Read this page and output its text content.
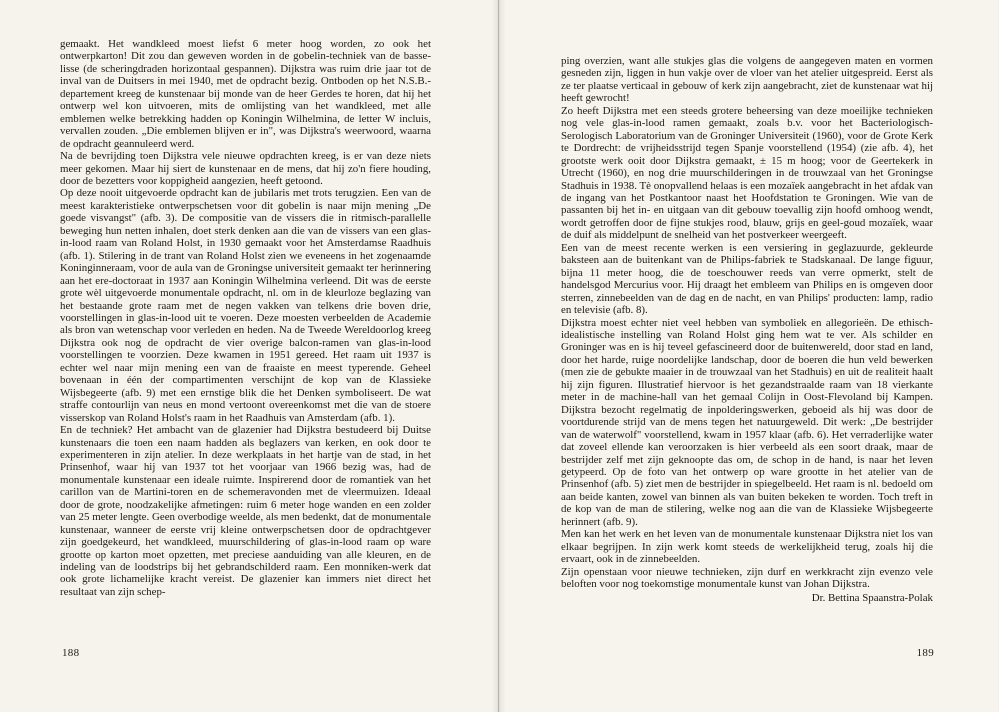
gemaakt. Het wandkleed moest liefst 6 meter hoog worden, zo ook het ontwerpkarton! Dit zou dan geweven worden in de gobelin-techniek van de basse-lisse (de scheringdraden horizontaal gespannen). Dijkstra was ruim drie jaar tot de inval van de Duitsers in mei 1940, met de opdracht bezig. Ontboden op het N.S.B.-departement kreeg de kunstenaar bij monde van de heer Gerdes te horen, dat hij het ontwerp wel kon uitvoeren, mits de omlijsting van het wandkleed, met alle emblemen welke betrekking hadden op Koningin Wilhelmina, de letter W incluis, vervallen zouden. „Die emblemen blijven er in", was Dijkstra's weerwoord, waarna de opdracht geannuleerd werd.

Na de bevrijding toen Dijkstra vele nieuwe opdrachten kreeg, is er van deze niets meer gekomen. Maar hij siert de kunstenaar en de mens, dat hij zo'n fiere houding, door de bezetters voor koppigheid aangezien, heeft getoond.

Op deze nooit uitgevoerde opdracht kan de jubilaris met trots terugzien. Een van de meest karakteristieke ontwerpschetsen voor dit gobelin is naar mijn mening „De goede visvangst" (afb. 3). De compositie van de vissers die in ritmisch-parallelle beweging hun netten inhalen, doet sterk denken aan die van de vissers van een glas-in-lood raam van Roland Holst, in 1930 gemaakt voor het Amsterdamse Raadhuis (afb. 1). Stilering in de trant van Roland Holst zien we eveneens in het zogenaamde Koninginneraam, voor de aula van de Groningse universiteit gemaakt ter herinnering aan het ere-doctoraat in 1937 aan Koningin Wilhelmina verleend. Dit was de eerste grote wèl uitgevoerde monumentale opdracht, nl. om in de kleurloze beglazing van het bestaande grote raam met de negen vakken van telkens drie boven drie, voorstellingen in glas-in-lood uit te voeren. Deze moesten verbeelden de Academie als bron van wetenschap voor verleden en heden. Na de Tweede Wereldoorlog kreeg Dijkstra ook nog de opdracht de vier overige balcon-ramen van glas-in-lood voorstellingen te voorzien. Deze kwamen in 1951 gereed. Het raam uit 1937 is echter wel naar mijn mening een van de fraaiste en meest typerende. Geheel bovenaan in één der compartimenten verschijnt de kop van de Klassieke Wijsbegeerte (afb. 9) met een ernstige blik die het Denken symboliseert. De wat straffe contourlijn van neus en mond vertoont overeenkomst met die van de stoere visserskop van Roland Holst's raam in het Raadhuis van Amsterdam (afb. 1).

En de techniek? Het ambacht van de glazenier had Dijkstra bestudeerd bij Duitse kunstenaars die toen een naam hadden als beglazers van kerken, en ook door te experimenteren in zijn atelier. In deze werkplaats in het hartje van de stad, in het Prinsenhof, waar hij van 1937 tot het voorjaar van 1966 bezig was, had de monumentale kunstenaar een ideale ruimte. Inspirerend door de romantiek van het carillon van de Martini-toren en de schemeravonden met de vleermuizen. Ideaal door de grote, noodzakelijke afmetingen: ruim 6 meter hoge wanden en een zolder van 25 meter lengte. Geen overbodige weelde, als men bedenkt, dat de monumentale kunstenaar, wanneer de eerste vrij kleine ontwerpschetsen door de opdrachtgever zijn goedgekeurd, het wandkleed, muurschildering of glas-in-lood raam op ware grootte op karton moet opzetten, met preciese aanduiding van alle kleuren, en de indeling van de loodstrips bij het gebrandschilderd raam. Een monniken-werk dat ook grote lichamelijke kracht vereist. De glazenier kan immers niet direct het resultaat van zijn schep-

188

ping overzien, want alle stukjes glas die volgens de aangegeven maten en vormen gesneden zijn, liggen in hun vakje over de vloer van het atelier uitgespreid. Eerst als ze ter plaatse verticaal in gebouw of kerk zijn aangebracht, ziet de kunstenaar wat hij heeft gewrocht!

Zo heeft Dijkstra met een steeds grotere beheersing van deze moeilijke technieken nog vele glas-in-lood ramen gemaakt, zoals b.v. voor het Bacteriologisch-Serologisch Laboratorium van de Groninger Universiteit (1960), voor de Grote Kerk te Dordrecht: de vrijheidsstrijd tegen Spanje voorstellend (1954) (zie afb. 4), het grootste werk ooit door Dijkstra gemaakt, ± 15 m hoog; voor de Geertekerk in Utrecht (1960), en nog drie muurschilderingen in de trouwzaal van het Groningse Stadhuis in 1938. Tè onopvallend helaas is een mozaïek aangebracht in het afdak van de ingang van het Postkantoor naast het Hoofdstation te Groningen. Wie van de passanten bij het in- en uitgaan van dit gebouw toevallig zijn hoofd omhoog wendt, wordt getroffen door de fijne stukjes rood, blauw, grijs en geel-goud mozaïek, waar de duif als middelpunt de snelheid van het postverkeer weergeeft.

Een van de meest recente werken is een versiering in geglazuurde, gekleurde baksteen aan de buitenkant van de Philips-fabriek te Stadskanaal. De lange figuur, bijna 11 meter hoog, die de toeschouwer reeds van verre opmerkt, stelt de handelsgod Mercurius voor. Hij draagt het embleem van Philips en is omgeven door sterren, zinnebeelden van de dag en de nacht, en van Philips' producten: lamp, radio en televisie (afb. 8).

Dijkstra moest echter niet veel hebben van symboliek en allegorieën. De ethisch-idealistische instelling van Roland Holst ging hem wat te ver. Als schilder en Groninger was en is hij teveel gefascineerd door de buitenwereld, door stad en land, door het harde, ruige noordelijke landschap, door de boeren die hun veld bewerken (men zie de gebukte maaier in de trouwzaal van het Stadhuis) en uit de realiteit haalt hij zijn figuren. Illustratief hiervoor is het gezandstraalde raam van 18 vierkante meter in de machine-hall van het gemaal Colijn in Oost-Flevoland bij Kampen. Dijkstra bezocht regelmatig de inpolderingswerken, geboeid als hij was door de voortdurende strijd van de mens tegen het natuurgeweld. Dit werk: „De bestrijder van de waterwolf" voorstellend, kwam in 1957 klaar (afb. 6). Het verraderlijke water dat zoveel ellende kan veroorzaken is hier verbeeld als een soort draak, maar de bestrijder zelf met zijn geknoopte das om, de schop in de hand, is naar het leven getypeerd. Op de foto van het ontwerp op ware grootte in het atelier van de Prinsenhof (afb. 5) ziet men de bestrijder in spiegelbeeld. Het raam is nl. bedoeld om aan beide kanten, zowel van binnen als van buiten bekeken te worden. Toch treft in de kop van de man de stilering, welke nog aan die van de Klassieke Wijsbegeerte herinnert (afb. 9).

Men kan het werk en het leven van de monumentale kunstenaar Dijkstra niet los van elkaar begrijpen. In zijn werk komt steeds de werkelijkheid terug, zoals hij die ervaart, ook in de zinnebeelden.

Zijn openstaan voor nieuwe technieken, zijn durf en werkkracht zijn evenzo vele beloften voor nog toekomstige monumentale kunst van Johan Dijkstra.

Dr. Bettina Spaanstra-Polak
189
